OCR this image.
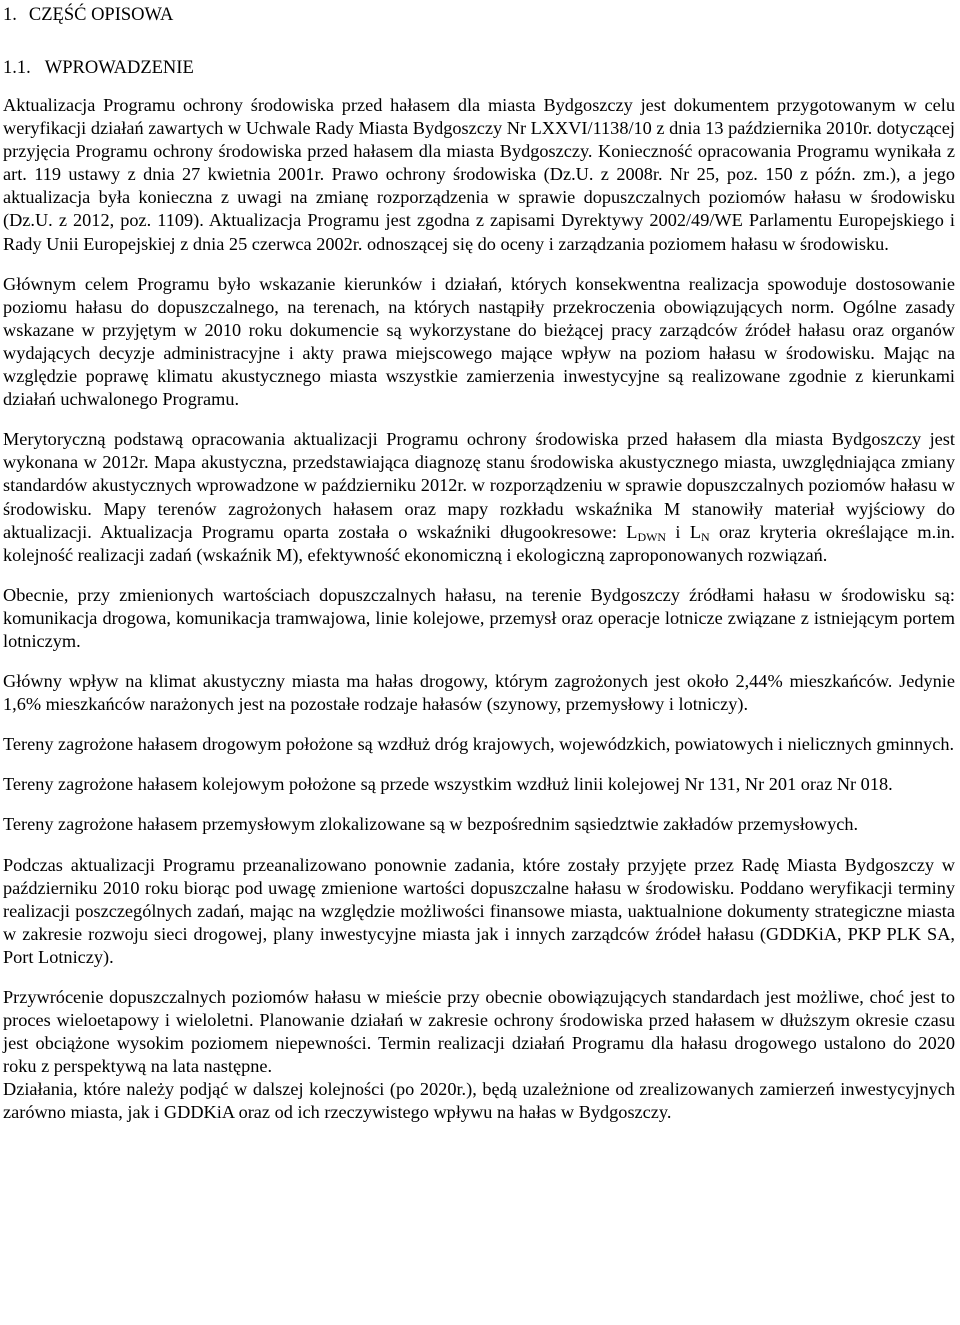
1. CZĘŚĆ OPISOWA
1.1. WPROWADZENIE

Aktualizacja Programu ochrony środowiska przed hałasem dla miasta Bydgoszczy jest dokumentem przygotowanym w celu weryfikacji działań zawartych w Uchwale Rady Miasta Bydgoszczy Nr LXXVI/1138/10 z dnia 13 października 2010r. dotyczącej przyjęcia Programu ochrony środowiska przed hałasem dla miasta Bydgoszczy. Konieczność opracowania Programu wynikała z art. 119 ustawy z dnia 27 kwietnia 2001r. Prawo ochrony środowiska (Dz.U. z 2008r. Nr 25, poz. 150 z późn. zm.), a jego aktualizacja była konieczna z uwagi na zmianę rozporządzenia w sprawie dopuszczalnych poziomów hałasu w środowisku (Dz.U. z 2012, poz. 1109). Aktualizacja Programu jest zgodna z zapisami Dyrektywy 2002/49/WE Parlamentu Europejskiego i Rady Unii Europejskiej z dnia 25 czerwca 2002r. odnoszącej się do oceny i zarządzania poziomem hałasu w środowisku.

Głównym celem Programu było wskazanie kierunków i działań, których konsekwentna realizacja spowoduje dostosowanie poziomu hałasu do dopuszczalnego, na terenach, na których nastąpiły przekroczenia obowiązujących norm. Ogólne zasady wskazane w przyjętym w 2010 roku dokumencie są wykorzystane do bieżącej pracy zarządców źródeł hałasu oraz organów wydających decyzje administracyjne i akty prawa miejscowego mające wpływ na poziom hałasu w środowisku. Mając na względzie poprawę klimatu akustycznego miasta wszystkie zamierzenia inwestycyjne są realizowane zgodnie z kierunkami działań uchwalonego Programu.

Merytoryczną podstawą opracowania aktualizacji Programu ochrony środowiska przed hałasem dla miasta Bydgoszczy jest wykonana w 2012r. Mapa akustyczna, przedstawiająca diagnozę stanu środowiska akustycznego miasta, uwzględniająca zmiany standardów akustycznych wprowadzone w październiku 2012r. w rozporządzeniu w sprawie dopuszczalnych poziomów hałasu w środowisku. Mapy terenów zagrożonych hałasem oraz mapy rozkładu wskaźnika M stanowiły materiał wyjściowy do aktualizacji. Aktualizacja Programu oparta została o wskaźniki długookresowe: $L_{DWN}$ i $L_N$ oraz kryteria określające m.in. kolejność realizacji zadań (wskaźnik M), efektywność ekonomiczną i ekologiczną zaproponowanych rozwiązań.

Obecnie, przy zmienionych wartościach dopuszczalnych hałasu, na terenie Bydgoszczy źródłami hałasu w środowisku są: komunikacja drogowa, komunikacja tramwajowa, linie kolejowe, przemysł oraz operacje lotnicze związane z istniejącym portem lotniczym.

Główny wpływ na klimat akustyczny miasta ma hałas drogowy, którym zagrożonych jest około 2,44% mieszkańców. Jedynie 1,6% mieszkańców narażonych jest na pozostałe rodzaje hałasów (szynowy, przemysłowy i lotniczy).

Tereny zagrożone hałasem drogowym położone są wzdłuż dróg krajowych, wojewódzkich, powiatowych i nielicznych gminnych.

Tereny zagrożone hałasem kolejowym położone są przede wszystkim wzdłuż linii kolejowej Nr 131, Nr 201 oraz Nr 018.

Tereny zagrożone hałasem przemysłowym zlokalizowane są w bezpośrednim sąsiedztwie zakładów przemysłowych.

Podczas aktualizacji Programu przeanalizowano ponownie zadania, które zostały przyjęte przez Radę Miasta Bydgoszczy w październiku 2010 roku biorąc pod uwagę zmienione wartości dopuszczalne hałasu w środowisku. Poddano weryfikacji terminy realizacji poszczególnych zadań, mając na względzie możliwości finansowe miasta, uaktualnione dokumenty strategiczne miasta w zakresie rozwoju sieci drogowej, plany inwestycyjne miasta jak i innych zarządców źródeł hałasu (GDDKiA, PKP PLK SA, Port Lotniczy).

Przywrócenie dopuszczalnych poziomów hałasu w mieście przy obecnie obowiązujących standardach jest możliwe, choć jest to proces wieloetapowy i wieloletni. Planowanie działań w zakresie ochrony środowiska przed hałasem w dłuższym okresie czasu jest obciążone wysokim poziomem niepewności. Termin realizacji działań Programu dla hałasu drogowego ustalono do 2020 roku z perspektywą na lata następne.

Działania, które należy podjąć w dalszej kolejności (po 2020r.), będą uzależnione od zrealizowanych zamierzeń inwestycyjnych zarówno miasta, jak i GDDKiA oraz od ich rzeczywistego wpływu na hałas w Bydgoszczy.
